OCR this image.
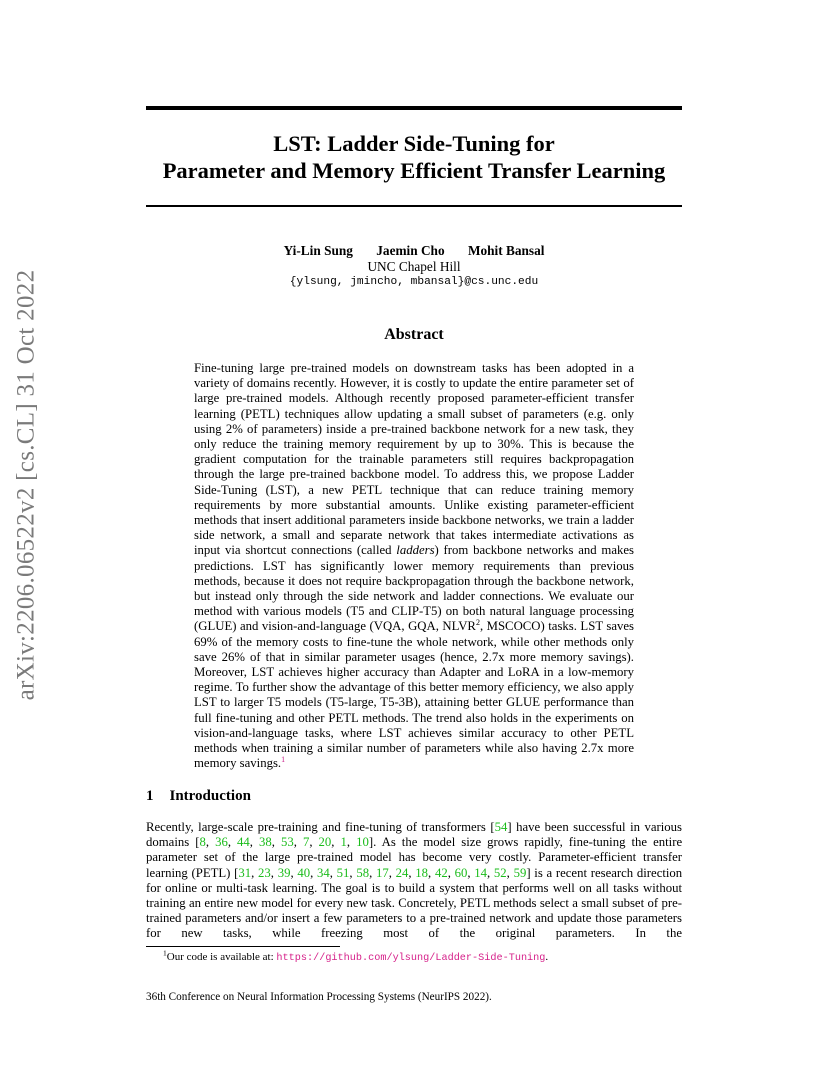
arXiv:2206.06522v2 [cs.CL] 31 Oct 2022
LST: Ladder Side-Tuning for
Parameter and Memory Efficient Transfer Learning
Yi-Lin Sung Jaemin Cho Mohit Bansal
UNC Chapel Hill
{ylsung, jmincho, mbansal}@cs.unc.edu
Abstract
Fine-tuning large pre-trained models on downstream tasks has been adopted in a variety of domains recently. However, it is costly to update the entire parameter set of large pre-trained models. Although recently proposed parameter-efficient transfer learning (PETL) techniques allow updating a small subset of parameters (e.g. only using 2% of parameters) inside a pre-trained backbone network for a new task, they only reduce the training memory requirement by up to 30%. This is because the gradient computation for the trainable parameters still requires backpropagation through the large pre-trained backbone model. To address this, we propose Ladder Side-Tuning (LST), a new PETL technique that can reduce training memory requirements by more substantial amounts. Unlike existing parameter-efficient methods that insert additional parameters inside backbone networks, we train a ladder side network, a small and separate network that takes intermediate activations as input via shortcut connections (called ladders) from backbone networks and makes predictions. LST has significantly lower memory requirements than previous methods, because it does not require backpropagation through the backbone network, but instead only through the side network and ladder connections. We evaluate our method with various models (T5 and CLIP-T5) on both natural language processing (GLUE) and vision-and-language (VQA, GQA, NLVR$^2$, MSCOCO) tasks. LST saves 69% of the memory costs to fine-tune the whole network, while other methods only save 26% of that in similar parameter usages (hence, 2.7x more memory savings). Moreover, LST achieves higher accuracy than Adapter and LoRA in a low-memory regime. To further show the advantage of this better memory efficiency, we also apply LST to larger T5 models (T5-large, T5-3B), attaining better GLUE performance than full fine-tuning and other PETL methods. The trend also holds in the experiments on vision-and-language tasks, where LST achieves similar accuracy to other PETL methods when training a similar number of parameters while also having 2.7x more memory savings.$^1$
1 Introduction
Recently, large-scale pre-training and fine-tuning of transformers [54] have been successful in various domains [8, 36, 44, 38, 53, 7, 20, 1, 10]. As the model size grows rapidly, fine-tuning the entire parameter set of the large pre-trained model has become very costly. Parameter-efficient transfer learning (PETL) [31, 23, 39, 40, 34, 51, 58, 17, 24, 18, 42, 60, 14, 52, 59] is a recent research direction for online or multi-task learning. The goal is to build a system that performs well on all tasks without training an entire new model for every new task. Concretely, PETL methods select a small subset of pre-trained parameters and/or insert a few parameters to a pre-trained network and update those parameters for new tasks, while freezing most of the original parameters. In the
$^1$Our code is available at: https://github.com/ylsung/Ladder-Side-Tuning.
36th Conference on Neural Information Processing Systems (NeurIPS 2022).
